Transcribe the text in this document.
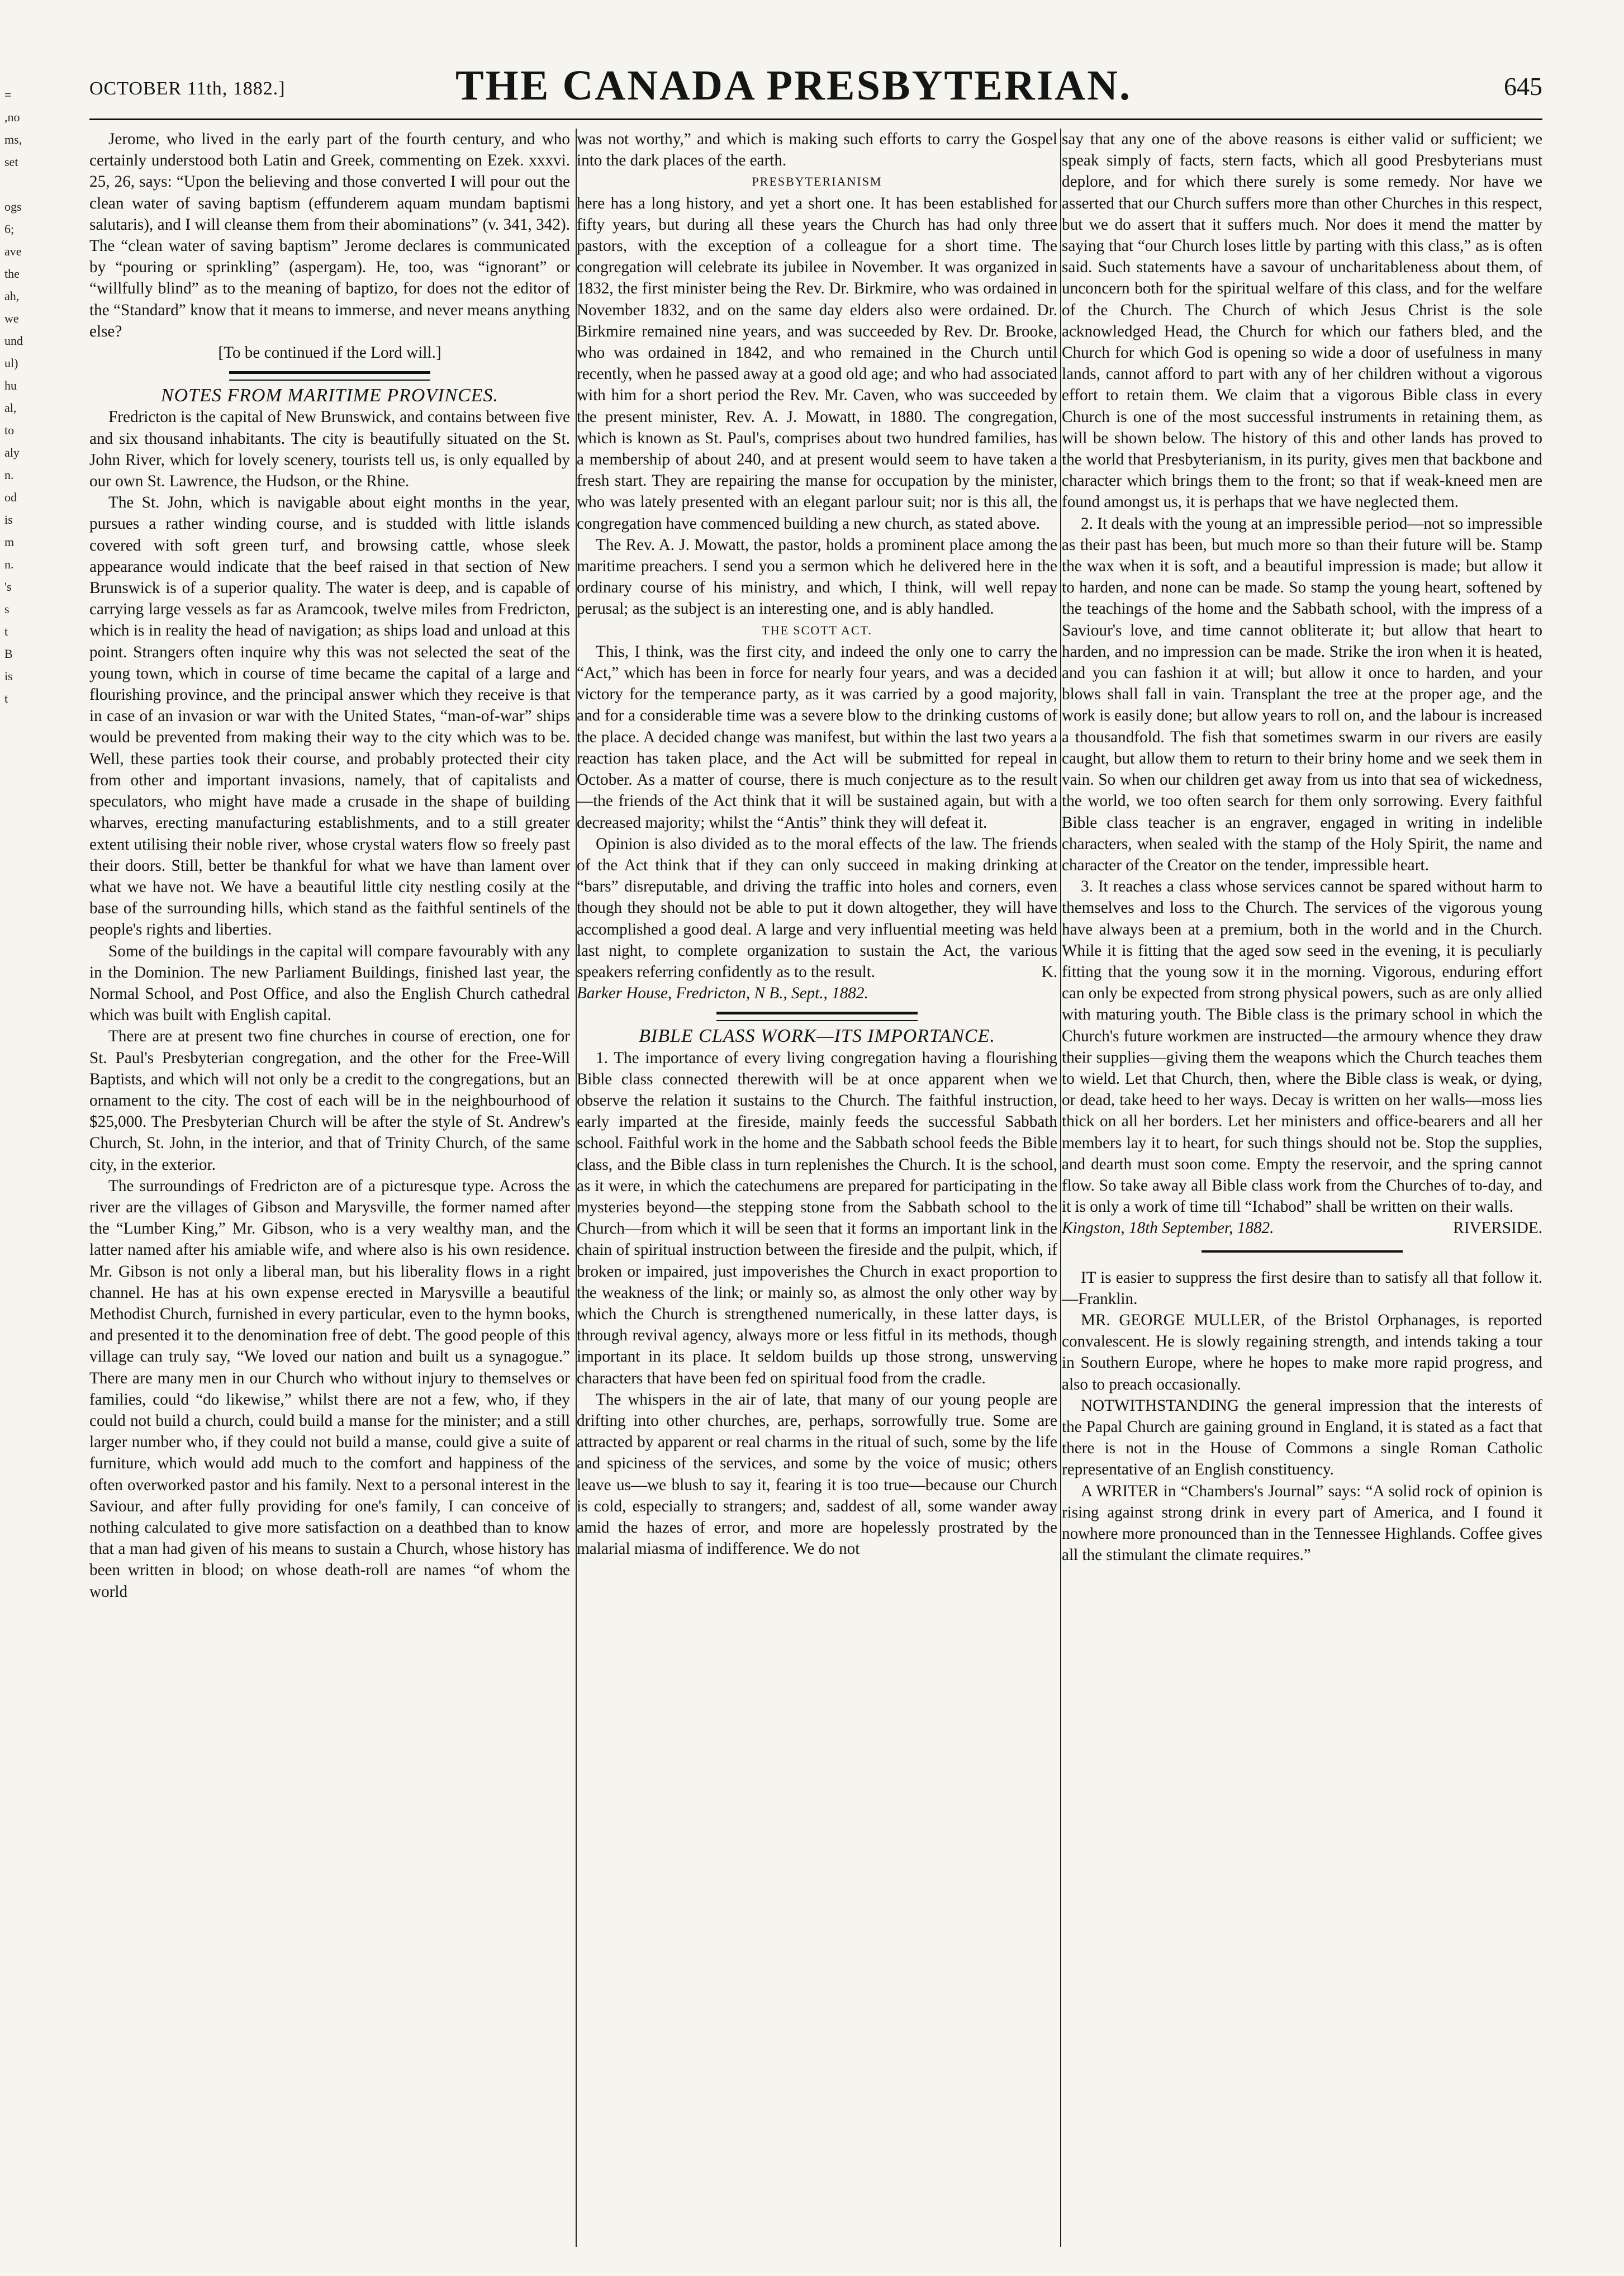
=
,no
ms,
set

ogs
6;
ave
the
ah,
we
und
ul)
hu
al,
to
aly
n.
od
is
m
n.
's
s
t
B
is
t
OCTOBER 11th, 1882.]	THE CANADA PRESBYTERIAN.	645

Jerome, who lived in the early part of the fourth century, and who certainly understood both Latin and Greek, commenting on Ezek. xxxvi. 25, 26, says: “Upon the believing and those converted I will pour out the clean water of saving baptism (effunderem aquam mundam baptismi salutaris), and I will cleanse them from their abominations” (v. 341, 342). The “clean water of saving baptism” Jerome declares is communicated by “pouring or sprinkling” (aspergam). He, too, was “ignorant” or “willfully blind” as to the meaning of baptizo, for does not the editor of the “Standard” know that it means to immerse, and never means anything else?

[To be continued if the Lord will.]

NOTES FROM MARITIME PROVINCES.

Fredricton is the capital of New Brunswick, and contains between five and six thousand inhabitants. The city is beautifully situated on the St. John River, which for lovely scenery, tourists tell us, is only equalled by our own St. Lawrence, the Hudson, or the Rhine.

The St. John, which is navigable about eight months in the year, pursues a rather winding course, and is studded with little islands covered with soft green turf, and browsing cattle, whose sleek appearance would indicate that the beef raised in that section of New Brunswick is of a superior quality. The water is deep, and is capable of carrying large vessels as far as Aramcook, twelve miles from Fredricton, which is in reality the head of navigation; as ships load and unload at this point. Strangers often inquire why this was not selected the seat of the young town, which in course of time became the capital of a large and flourishing province, and the principal answer which they receive is that in case of an invasion or war with the United States, “man-of-war” ships would be prevented from making their way to the city which was to be. Well, these parties took their course, and probably protected their city from other and important invasions, namely, that of capitalists and speculators, who might have made a crusade in the shape of building wharves, erecting manufacturing establishments, and to a still greater extent utilising their noble river, whose crystal waters flow so freely past their doors. Still, better be thankful for what we have than lament over what we have not. We have a beautiful little city nestling cosily at the base of the surrounding hills, which stand as the faithful sentinels of the people's rights and liberties.

Some of the buildings in the capital will compare favourably with any in the Dominion. The new Parliament Buildings, finished last year, the Normal School, and Post Office, and also the English Church cathedral which was built with English capital.

There are at present two fine churches in course of erection, one for St. Paul's Presbyterian congregation, and the other for the Free-Will Baptists, and which will not only be a credit to the congregations, but an ornament to the city. The cost of each will be in the neighbourhood of $25,000. The Presbyterian Church will be after the style of St. Andrew's Church, St. John, in the interior, and that of Trinity Church, of the same city, in the exterior.

The surroundings of Fredricton are of a picturesque type. Across the river are the villages of Gibson and Marysville, the former named after the “Lumber King,” Mr. Gibson, who is a very wealthy man, and the latter named after his amiable wife, and where also is his own residence. Mr. Gibson is not only a liberal man, but his liberality flows in a right channel. He has at his own expense erected in Marysville a beautiful Methodist Church, furnished in every particular, even to the hymn books, and presented it to the denomination free of debt. The good people of this village can truly say, “We loved our nation and built us a synagogue.” There are many men in our Church who without injury to themselves or families, could “do likewise,” whilst there are not a few, who, if they could not build a church, could build a manse for the minister; and a still larger number who, if they could not build a manse, could give a suite of furniture, which would add much to the comfort and happiness of the often overworked pastor and his family. Next to a personal interest in the Saviour, and after fully providing for one's family, I can conceive of nothing calculated to give more satisfaction on a deathbed than to know that a man had given of his means to sustain a Church, whose history has been written in blood; on whose death-roll are names “of whom the world

was not worthy,” and which is making such efforts to carry the Gospel into the dark places of the earth.

PRESBYTERIANISM

here has a long history, and yet a short one. It has been established for fifty years, but during all these years the Church has had only three pastors, with the exception of a colleague for a short time. The congregation will celebrate its jubilee in November. It was organized in 1832, the first minister being the Rev. Dr. Birkmire, who was ordained in November 1832, and on the same day elders also were ordained. Dr. Birkmire remained nine years, and was succeeded by Rev. Dr. Brooke, who was ordained in 1842, and who remained in the Church until recently, when he passed away at a good old age; and who had associated with him for a short period the Rev. Mr. Caven, who was succeeded by the present minister, Rev. A. J. Mowatt, in 1880. The congregation, which is known as St. Paul's, comprises about two hundred families, has a membership of about 240, and at present would seem to have taken a fresh start. They are repairing the manse for occupation by the minister, who was lately presented with an elegant parlour suit; nor is this all, the congregation have commenced building a new church, as stated above.

The Rev. A. J. Mowatt, the pastor, holds a prominent place among the maritime preachers. I send you a sermon which he delivered here in the ordinary course of his ministry, and which, I think, will well repay perusal; as the subject is an interesting one, and is ably handled.

THE SCOTT ACT.

This, I think, was the first city, and indeed the only one to carry the “Act,” which has been in force for nearly four years, and was a decided victory for the temperance party, as it was carried by a good majority, and for a considerable time was a severe blow to the drinking customs of the place. A decided change was manifest, but within the last two years a reaction has taken place, and the Act will be submitted for repeal in October. As a matter of course, there is much conjecture as to the result—the friends of the Act think that it will be sustained again, but with a decreased majority; whilst the “Antis” think they will defeat it.

Opinion is also divided as to the moral effects of the law. The friends of the Act think that if they can only succeed in making drinking at “bars” disreputable, and driving the traffic into holes and corners, even though they should not be able to put it down altogether, they will have accomplished a good deal. A large and very influential meeting was held last night, to complete organization to sustain the Act, the various speakers referring confidently as to the result.	K.

Barker House, Fredricton, N B., Sept., 1882.

BIBLE CLASS WORK—ITS IMPORTANCE.

1. The importance of every living congregation having a flourishing Bible class connected therewith will be at once apparent when we observe the relation it sustains to the Church. The faithful instruction, early imparted at the fireside, mainly feeds the successful Sabbath school. Faithful work in the home and the Sabbath school feeds the Bible class, and the Bible class in turn replenishes the Church. It is the school, as it were, in which the catechumens are prepared for participating in the mysteries beyond—the stepping stone from the Sabbath school to the Church—from which it will be seen that it forms an important link in the chain of spiritual instruction between the fireside and the pulpit, which, if broken or impaired, just impoverishes the Church in exact proportion to the weakness of the link; or mainly so, as almost the only other way by which the Church is strengthened numerically, in these latter days, is through revival agency, always more or less fitful in its methods, though important in its place. It seldom builds up those strong, unswerving characters that have been fed on spiritual food from the cradle.

The whispers in the air of late, that many of our young people are drifting into other churches, are, perhaps, sorrowfully true. Some are attracted by apparent or real charms in the ritual of such, some by the life and spiciness of the services, and some by the voice of music; others leave us—we blush to say it, fearing it is too true—because our Church is cold, especially to strangers; and, saddest of all, some wander away amid the hazes of error, and more are hopelessly prostrated by the malarial miasma of indifference. We do not

say that any one of the above reasons is either valid or sufficient; we speak simply of facts, stern facts, which all good Presbyterians must deplore, and for which there surely is some remedy. Nor have we asserted that our Church suffers more than other Churches in this respect, but we do assert that it suffers much. Nor does it mend the matter by saying that “our Church loses little by parting with this class,” as is often said. Such statements have a savour of uncharitableness about them, of unconcern both for the spiritual welfare of this class, and for the welfare of the Church. The Church of which Jesus Christ is the sole acknowledged Head, the Church for which our fathers bled, and the Church for which God is opening so wide a door of usefulness in many lands, cannot afford to part with any of her children without a vigorous effort to retain them. We claim that a vigorous Bible class in every Church is one of the most successful instruments in retaining them, as will be shown below. The history of this and other lands has proved to the world that Presbyterianism, in its purity, gives men that backbone and character which brings them to the front; so that if weak-kneed men are found amongst us, it is perhaps that we have neglected them.

2. It deals with the young at an impressible period—not so impressible as their past has been, but much more so than their future will be. Stamp the wax when it is soft, and a beautiful impression is made; but allow it to harden, and none can be made. So stamp the young heart, softened by the teachings of the home and the Sabbath school, with the impress of a Saviour's love, and time cannot obliterate it; but allow that heart to harden, and no impression can be made. Strike the iron when it is heated, and you can fashion it at will; but allow it once to harden, and your blows shall fall in vain. Transplant the tree at the proper age, and the work is easily done; but allow years to roll on, and the labour is increased a thousandfold. The fish that sometimes swarm in our rivers are easily caught, but allow them to return to their briny home and we seek them in vain. So when our children get away from us into that sea of wickedness, the world, we too often search for them only sorrowing. Every faithful Bible class teacher is an engraver, engaged in writing in indelible characters, when sealed with the stamp of the Holy Spirit, the name and character of the Creator on the tender, impressible heart.

3. It reaches a class whose services cannot be spared without harm to themselves and loss to the Church. The services of the vigorous young have always been at a premium, both in the world and in the Church. While it is fitting that the aged sow seed in the evening, it is peculiarly fitting that the young sow it in the morning. Vigorous, enduring effort can only be expected from strong physical powers, such as are only allied with maturing youth. The Bible class is the primary school in which the Church's future workmen are instructed—the armoury whence they draw their supplies—giving them the weapons which the Church teaches them to wield. Let that Church, then, where the Bible class is weak, or dying, or dead, take heed to her ways. Decay is written on her walls—moss lies thick on all her borders. Let her ministers and office-bearers and all her members lay it to heart, for such things should not be. Stop the supplies, and dearth must soon come. Empty the reservoir, and the spring cannot flow. So take away all Bible class work from the Churches of to-day, and it is only a work of time till “Ichabod” shall be written on their walls.

Kingston, 18th September, 1882.	RIVERSIDE.

IT is easier to suppress the first desire than to satisfy all that follow it.—Franklin.

MR. GEORGE MULLER, of the Bristol Orphanages, is reported convalescent. He is slowly regaining strength, and intends taking a tour in Southern Europe, where he hopes to make more rapid progress, and also to preach occasionally.

NOTWITHSTANDING the general impression that the interests of the Papal Church are gaining ground in England, it is stated as a fact that there is not in the House of Commons a single Roman Catholic representative of an English constituency.

A WRITER in “Chambers's Journal” says: “A solid rock of opinion is rising against strong drink in every part of America, and I found it nowhere more pronounced than in the Tennessee Highlands. Coffee gives all the stimulant the climate requires.”
